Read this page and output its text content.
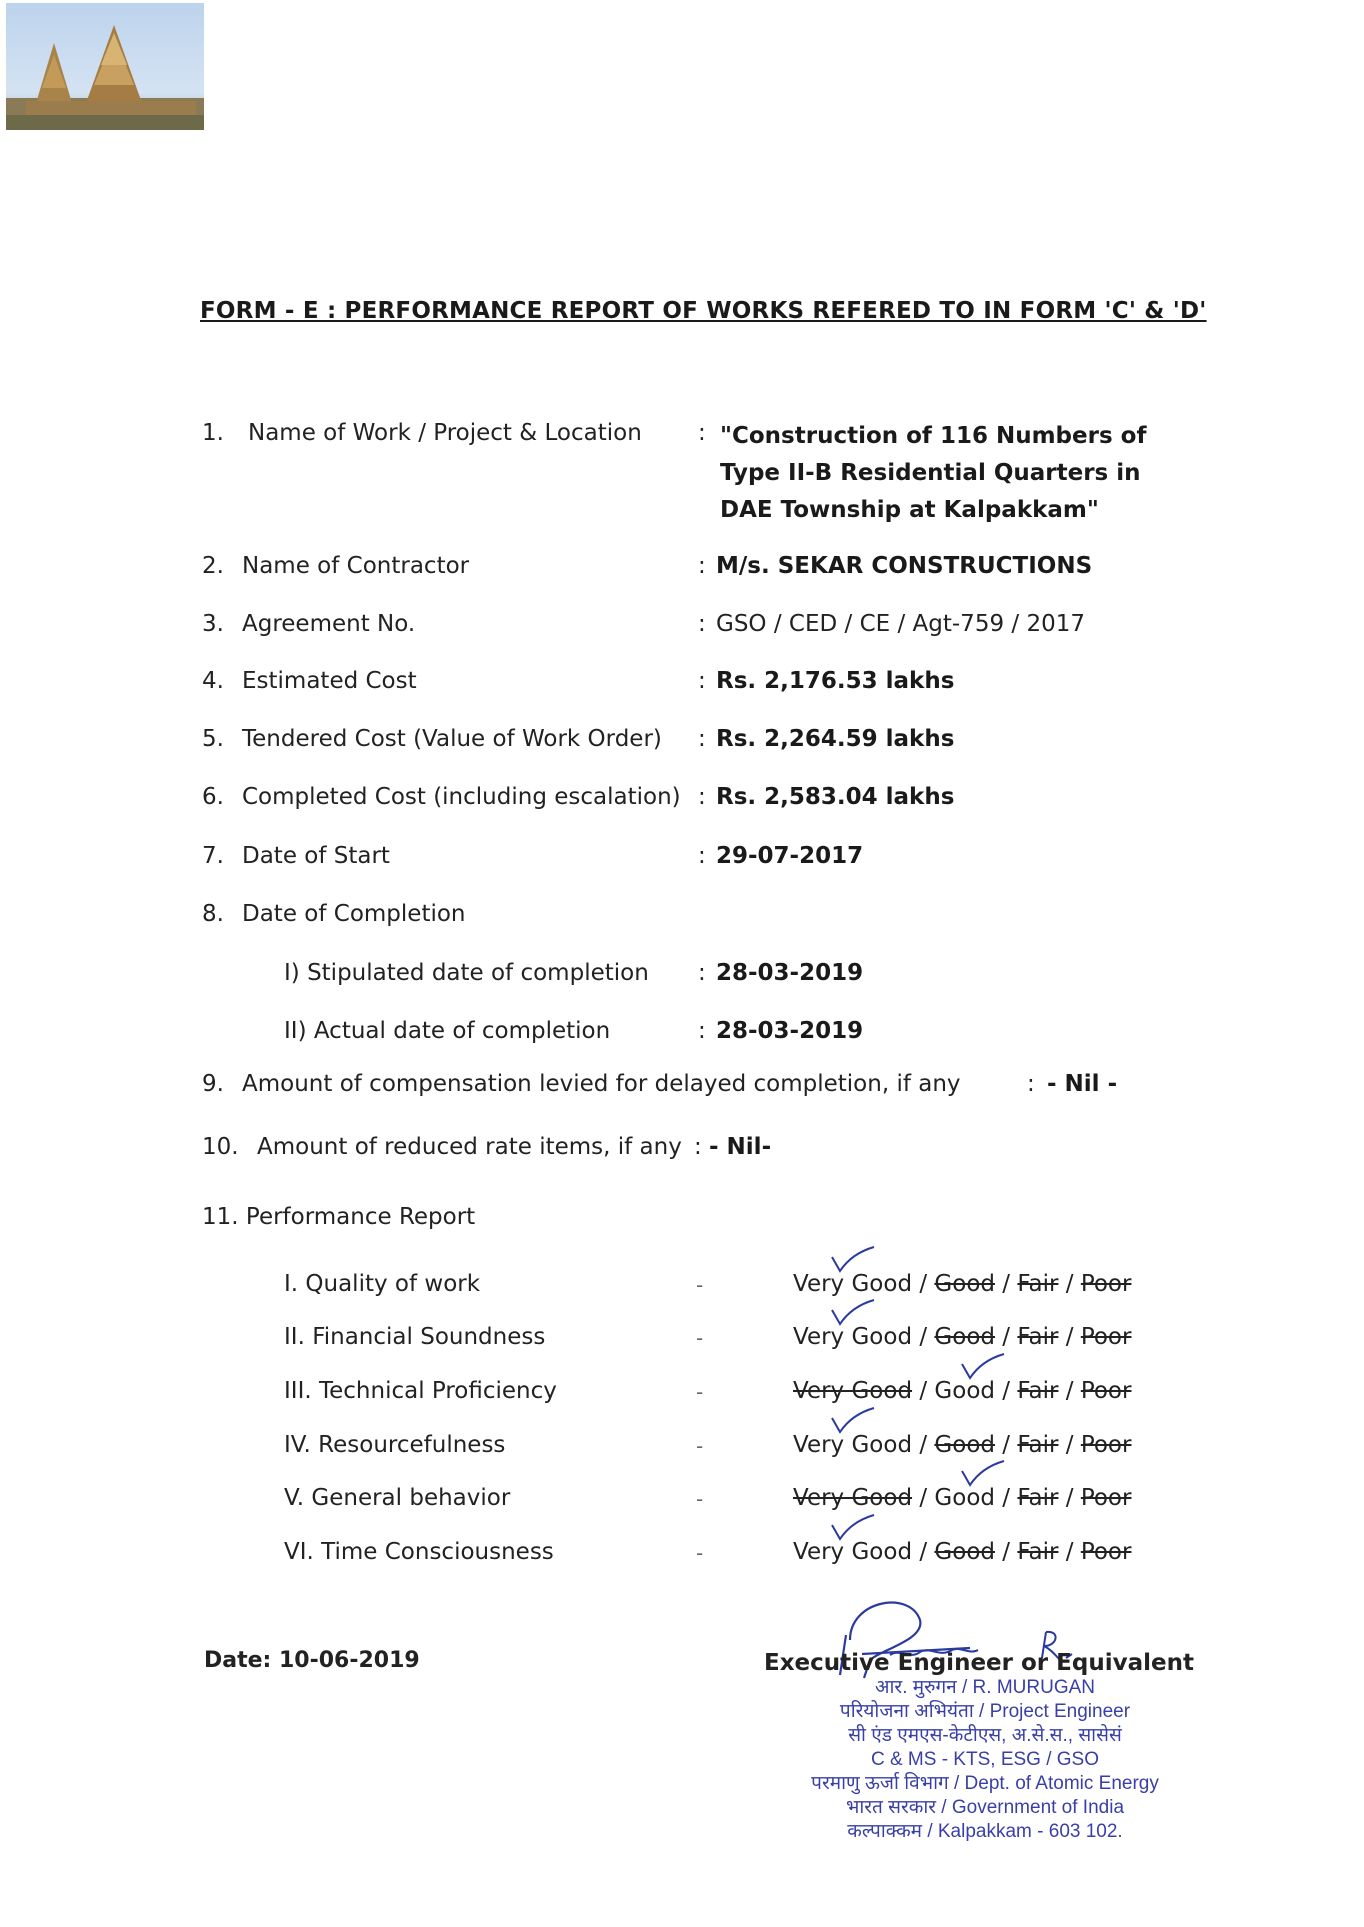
FORM - E : PERFORMANCE REPORT OF WORKS REFERED TO IN FORM 'C' & 'D'
1. Name of Work / Project & Location : "Construction of 116 Numbers of Type II-B Residential Quarters in DAE Township at Kalpakkam"
2. Name of Contractor	: M/s. SEKAR CONSTRUCTIONS
3. Agreement No.	: GSO / CED / CE / Agt-759 / 2017
4. Estimated Cost	: Rs. 2,176.53 lakhs
5. Tendered Cost (Value of Work Order) : Rs. 2,264.59 lakhs
6. Completed Cost (including escalation) : Rs. 2,583.04 lakhs
7. Date of Start	: 29-07-2017
8. Date of Completion
I) Stipulated date of completion : 28-03-2019
II) Actual date of completion	: 28-03-2019
9. Amount of compensation levied for delayed completion, if any	: - Nil -
10. Amount of reduced rate items, if any : - Nil-
11. Performance Report
I. Quality of work	-	Very Good / Good / Fair / Poor
II. Financial Soundness	-	Very Good / Good / Fair / Poor
III. Technical Proficiency	-	Very Good / Good / Fair / Poor
IV. Resourcefulness	-	Very Good / Good / Fair / Poor
V. General behavior	-	Very Good / Good / Fair / Poor
VI. Time Consciousness	-	Very Good / Good / Fair / Poor
Date: 10-06-2019	Executive Engineer or Equivalent
आर. मुरुगन / R. MURUGAN
परियोजना अभियंता / Project Engineer
सी एंड एमएस-केटीएस, अ.से.स., सासेसं
C & MS - KTS, ESG / GSO
परमाणु ऊर्जा विभाग / Dept. of Atomic Energy
भारत सरकार / Government of India
कल्पाक्कम / Kalpakkam - 603 102.
